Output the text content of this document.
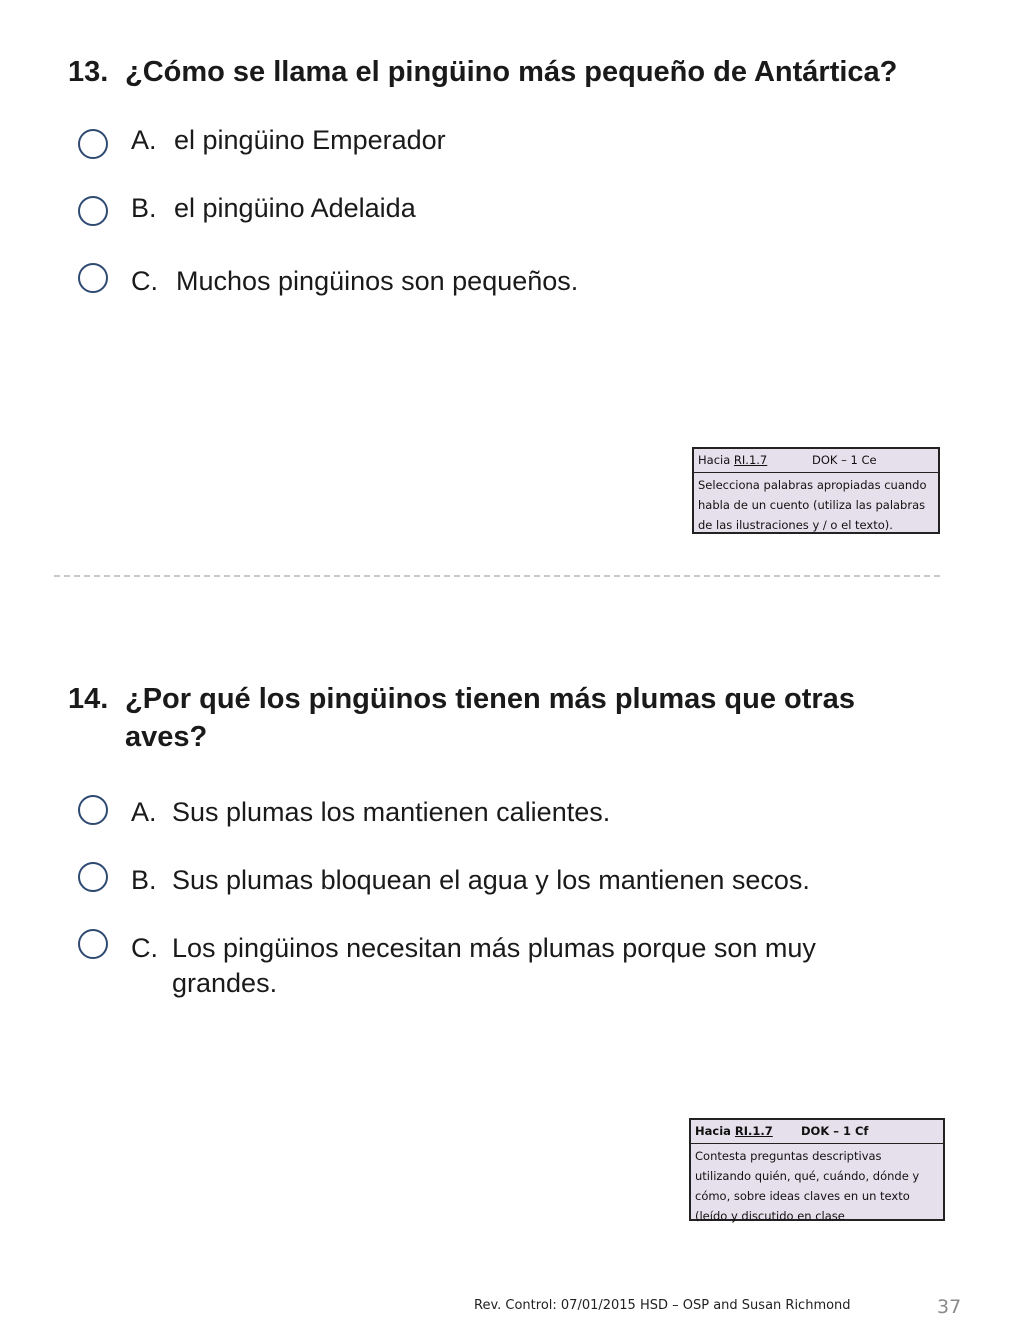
13. ¿Cómo se llama el pingüino más pequeño de Antártica?
A. el pingüino Emperador
B. el pingüino Adelaida
C. Muchos pingüinos son pequeños.
Hacia RI.1.7	DOK – 1 Ce
Selecciona palabras apropiadas cuando habla de un cuento (utiliza las palabras de las ilustraciones y / o el texto).
14. ¿Por qué los pingüinos tienen más plumas que otras aves?
A. Sus plumas los mantienen calientes.
B. Sus plumas bloquean el agua y los mantienen secos.
C. Los pingüinos necesitan más plumas porque son muy grandes.
Hacia RI.1.7 DOK – 1 Cf
Contesta preguntas descriptivas utilizando quién, qué, cuándo, dónde y cómo, sobre ideas claves en un texto (leído y discutido en clase
Rev. Control: 07/01/2015 HSD – OSP and Susan Richmond	37
